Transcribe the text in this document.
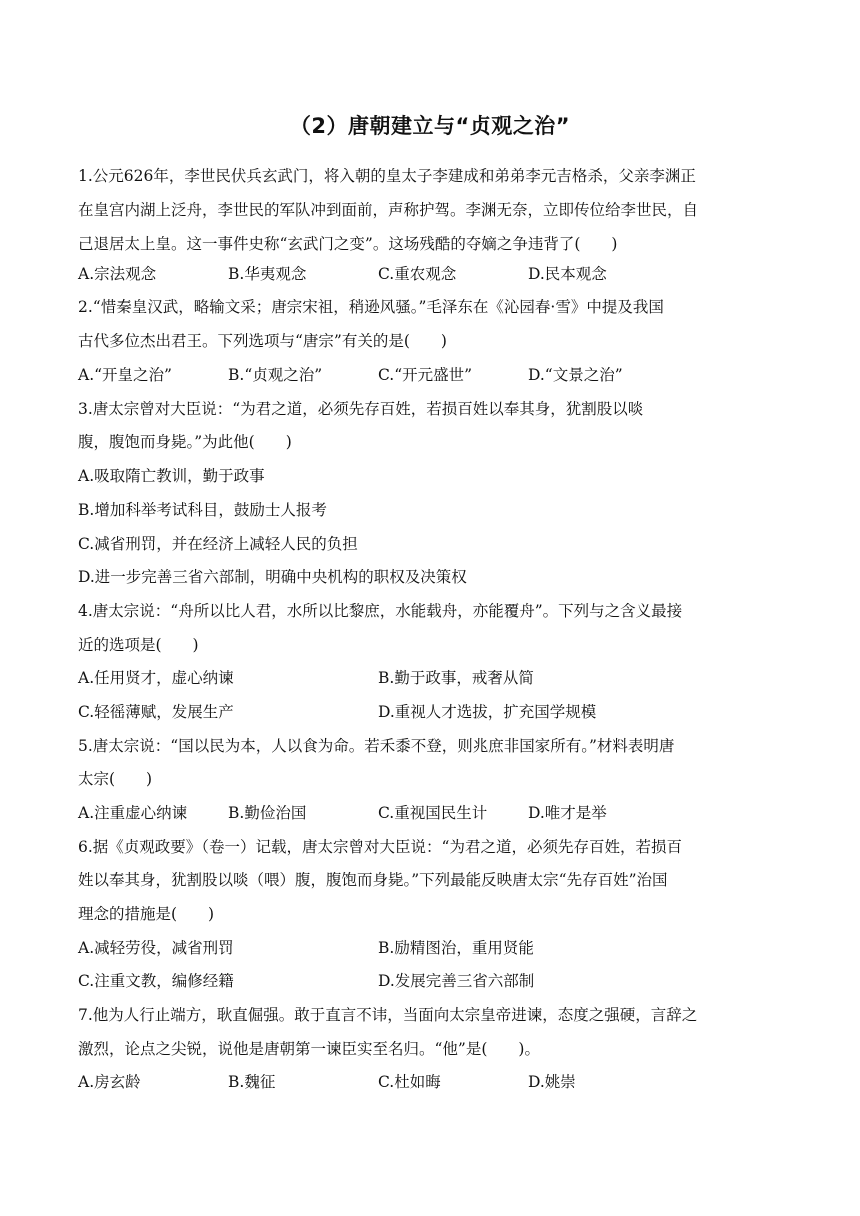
（2）唐朝建立与“贞观之治”
1.公元626年，李世民伏兵玄武门，将入朝的皇太子李建成和弟弟李元吉格杀，父亲李渊正
在皇宫内湖上泛舟，李世民的军队冲到面前，声称护驾。李渊无奈，立即传位给李世民，自
己退居太上皇。这一事件史称“玄武门之变”。这场残酷的夺嫡之争违背了(　　)
A.宗法观念	B.华夷观念	C.重农观念	D.民本观念
2.“惜秦皇汉武，略输文采；唐宗宋祖，稍逊风骚。”毛泽东在《沁园春·雪》中提及我国
古代多位杰出君王。下列选项与“唐宗”有关的是(　　)
A.“开皇之治”	B.“贞观之治”	C.“开元盛世”	D.“文景之治”
3.唐太宗曾对大臣说：“为君之道，必须先存百姓，若损百姓以奉其身，犹割股以啖
腹，腹饱而身毙。”为此他(　　)
A.吸取隋亡教训，勤于政事
B.增加科举考试科目，鼓励士人报考
C.减省刑罚，并在经济上减轻人民的负担
D.进一步完善三省六部制，明确中央机构的职权及决策权
4.唐太宗说：“舟所以比人君，水所以比黎庶，水能载舟，亦能覆舟”。下列与之含义最接
近的选项是(　　)
A.任用贤才，虚心纳谏	B.勤于政事，戒奢从简
C.轻徭薄赋，发展生产	D.重视人才选拔，扩充国学规模
5.唐太宗说：“国以民为本，人以食为命。若禾黍不登，则兆庶非国家所有。”材料表明唐
太宗(　　)
A.注重虚心纳谏	B.勤俭治国	C.重视国民生计	D.唯才是举
6.据《贞观政要》（卷一）记载，唐太宗曾对大臣说：“为君之道，必须先存百姓，若损百
姓以奉其身，犹割股以啖（喂）腹，腹饱而身毙。”下列最能反映唐太宗“先存百姓”治国
理念的措施是(　　)
A.减轻劳役，减省刑罚	B.励精图治，重用贤能
C.注重文教，编修经籍	D.发展完善三省六部制
7.他为人行止端方，耿直倔强。敢于直言不讳，当面向太宗皇帝进谏，态度之强硬，言辞之
激烈，论点之尖锐，说他是唐朝第一谏臣实至名归。“他”是(　　)。
A.房玄龄	B.魏征	C.杜如晦	D.姚崇
